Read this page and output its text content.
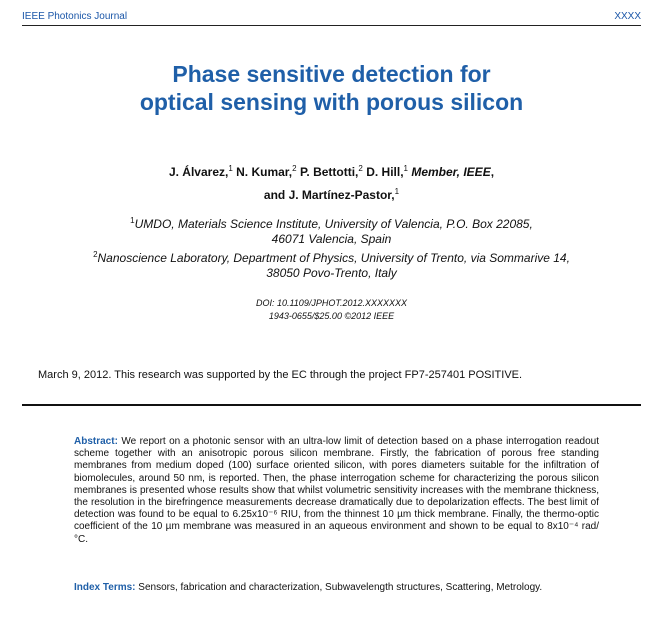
IEEE Photonics Journal	XXXX
Phase sensitive detection for
optical sensing with porous silicon
J. Álvarez,$^1$ N. Kumar,$^2$ P. Bettotti,$^2$ D. Hill,$^1$ Member, IEEE,
and J. Martínez-Pastor,$^1$
$^1$UMDO, Materials Science Institute, University of Valencia, P.O. Box 22085,
46071 Valencia, Spain
$^2$Nanoscience Laboratory, Department of Physics, University of Trento, via Sommarive 14,
38050 Povo-Trento, Italy
DOI: 10.1109/JPHOT.2012.XXXXXXX
1943-0655/$25.00 ©2012 IEEE
March 9, 2012. This research was supported by the EC through the project FP7-257401 POSITIVE.
Abstract: We report on a photonic sensor with an ultra-low limit of detection based on a phase interrogation readout scheme together with an anisotropic porous silicon membrane. Firstly, the fabrication of porous free standing membranes from medium doped (100) surface oriented silicon, with pores diameters suitable for the infiltration of biomolecules, around 50 nm, is reported. Then, the phase interrogation scheme for characterizing the porous silicon membranes is presented whose results show that whilst volumetric sensitivity increases with the membrane thickness, the resolution in the birefringence measurements decrease dramatically due to depolarization effects. The best limit of detection was found to be equal to 6.25x10⁻⁶ RIU, from the thinnest 10 µm thick membrane. Finally, the thermo-optic coefficient of the 10 µm membrane was measured in an aqueous environment and shown to be equal to 8x10⁻⁴ rad/°C.
Index Terms: Sensors, fabrication and characterization, Subwavelength structures, Scattering, Metrology.
